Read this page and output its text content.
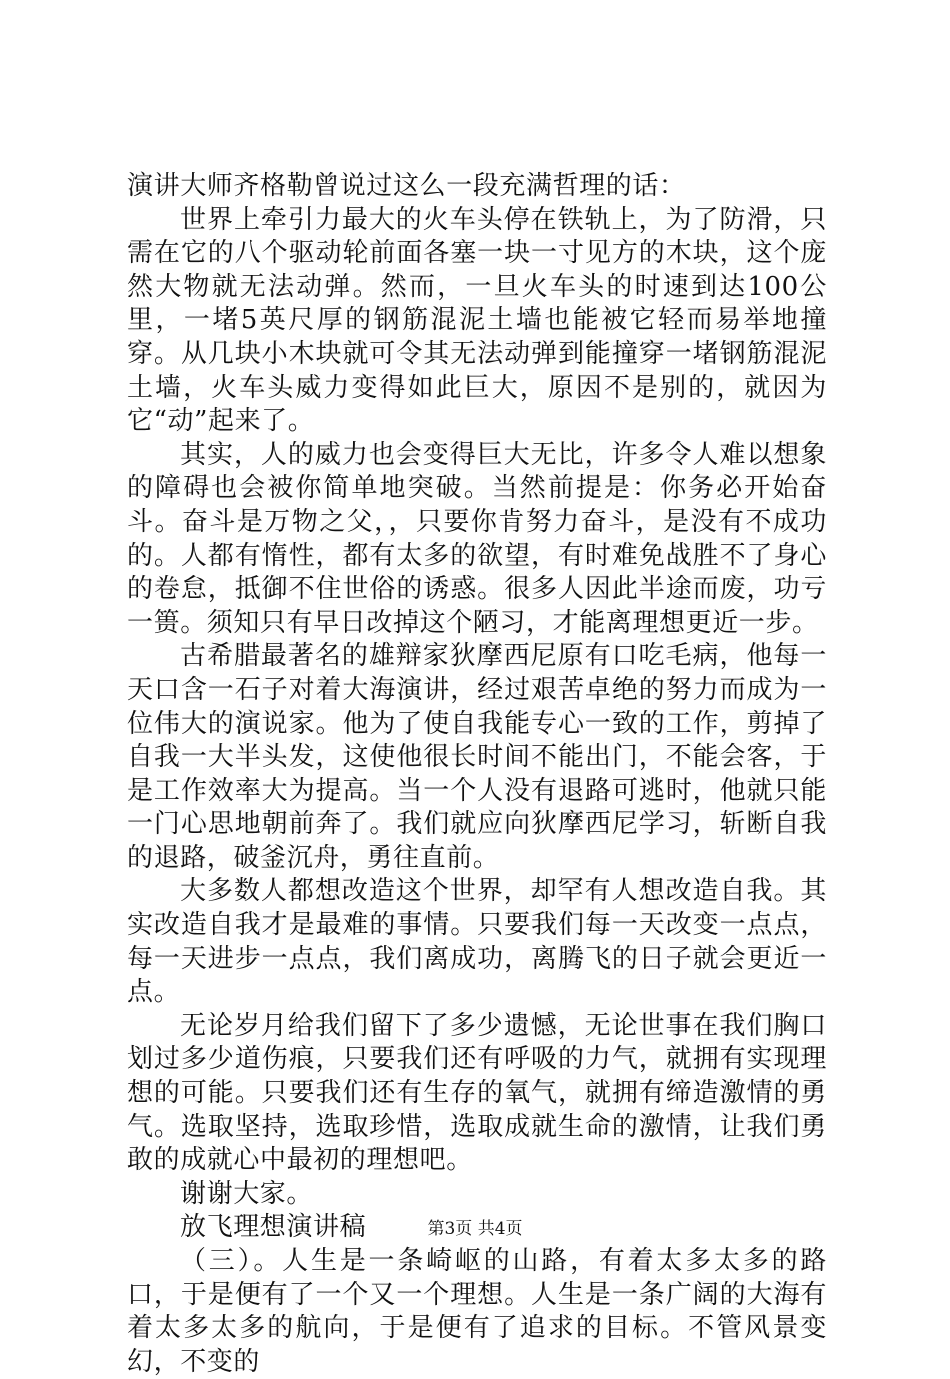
演讲大师齐格勒曾说过这么一段充满哲理的话：

世界上牵引力最大的火车头停在铁轨上，为了防滑，只需在它的八个驱动轮前面各塞一块一寸见方的木块，这个庞然大物就无法动弹。然而，一旦火车头的时速到达100公里，一堵5英尺厚的钢筋混泥土墙也能被它轻而易举地撞穿。从几块小木块就可令其无法动弹到能撞穿一堵钢筋混泥土墙，火车头威力变得如此巨大，原因不是别的，就因为它“动”起来了。

其实，人的威力也会变得巨大无比，许多令人难以想象的障碍也会被你简单地突破。当然前提是：你务必开始奋斗。奋斗是万物之父，，只要你肯努力奋斗，是没有不成功的。人都有惰性，都有太多的欲望，有时难免战胜不了身心的卷怠，抵御不住世俗的诱惑。很多人因此半途而废，功亏一篑。须知只有早日改掉这个陋习，才能离理想更近一步。

古希腊最著名的雄辩家狄摩西尼原有口吃毛病，他每一天口含一石子对着大海演讲，经过艰苦卓绝的努力而成为一位伟大的演说家。他为了使自我能专心一致的工作，剪掉了自我一大半头发，这使他很长时间不能出门，不能会客，于是工作效率大为提高。当一个人没有退路可逃时，他就只能一门心思地朝前奔了。我们就应向狄摩西尼学习，斩断自我的退路，破釜沉舟，勇往直前。

大多数人都想改造这个世界，却罕有人想改造自我。其实改造自我才是最难的事情。只要我们每一天改变一点点，每一天进步一点点，我们离成功，离腾飞的日子就会更近一点。

无论岁月给我们留下了多少遗憾，无论世事在我们胸口划过多少道伤痕，只要我们还有呼吸的力气，就拥有实现理想的可能。只要我们还有生存的氧气，就拥有缔造激情的勇气。选取坚持，选取珍惜，选取成就生命的激情，让我们勇敢的成就心中最初的理想吧。

谢谢大家。

放飞理想演讲稿

（三）。人生是一条崎岖的山路，有着太多太多的路口，于是便有了一个又一个理想。人生是一条广阔的大海有着太多太多的航向，于是便有了追求的目标。不管风景变幻，不变的

第3页 共4页
